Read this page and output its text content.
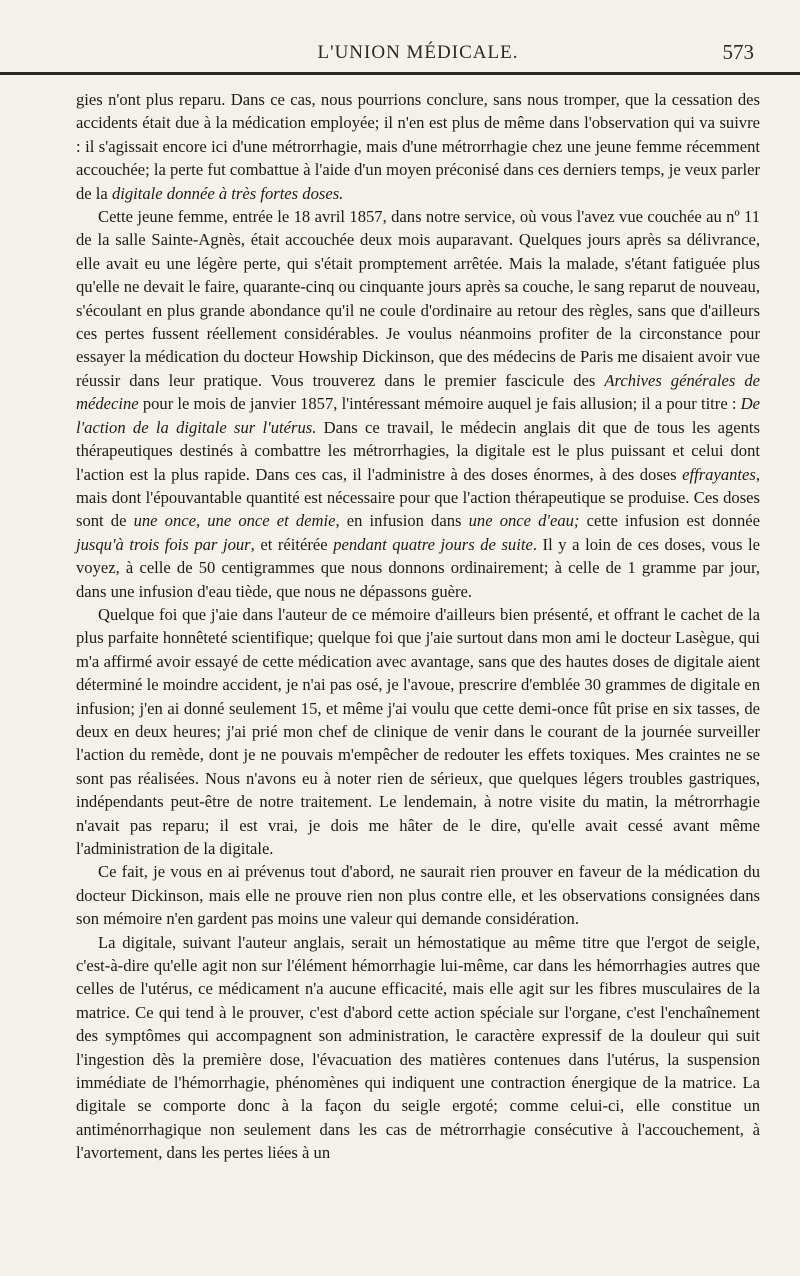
L'UNION MÉDICALE.	573

gies n'ont plus reparu. Dans ce cas, nous pourrions conclure, sans nous tromper, que la cessation des accidents était due à la médication employée; il n'en est plus de même dans l'observation qui va suivre : il s'agissait encore ici d'une métrorrhagie, mais d'une métrorrhagie chez une jeune femme récemment accouchée; la perte fut combattue à l'aide d'un moyen préconisé dans ces derniers temps, je veux parler de la digitale donnée à très fortes doses.

Cette jeune femme, entrée le 18 avril 1857, dans notre service, où vous l'avez vue couchée au nº 11 de la salle Sainte-Agnès, était accouchée deux mois auparavant. Quelques jours après sa délivrance, elle avait eu une légère perte, qui s'était promptement arrêtée. Mais la malade, s'étant fatiguée plus qu'elle ne devait le faire, quarante-cinq ou cinquante jours après sa couche, le sang reparut de nouveau, s'écoulant en plus grande abondance qu'il ne coule d'ordinaire au retour des règles, sans que d'ailleurs ces pertes fussent réellement considérables. Je voulus néanmoins profiter de la circonstance pour essayer la médication du docteur Howship Dickinson, que des médecins de Paris me disaient avoir vue réussir dans leur pratique. Vous trouverez dans le premier fascicule des Archives générales de médecine pour le mois de janvier 1857, l'intéressant mémoire auquel je fais allusion; il a pour titre : De l'action de la digitale sur l'utérus. Dans ce travail, le médecin anglais dit que de tous les agents thérapeutiques destinés à combattre les métrorrhagies, la digitale est le plus puissant et celui dont l'action est la plus rapide. Dans ces cas, il l'administre à des doses énormes, à des doses effrayantes, mais dont l'épouvantable quantité est nécessaire pour que l'action thérapeutique se produise. Ces doses sont de une once, une once et demie, en infusion dans une once d'eau; cette infusion est donnée jusqu'à trois fois par jour, et réitérée pendant quatre jours de suite. Il y a loin de ces doses, vous le voyez, à celle de 50 centigrammes que nous donnons ordinairement; à celle de 1 gramme par jour, dans une infusion d'eau tiède, que nous ne dépassons guère.

Quelque foi que j'aie dans l'auteur de ce mémoire d'ailleurs bien présenté, et offrant le cachet de la plus parfaite honnêteté scientifique; quelque foi que j'aie surtout dans mon ami le docteur Lasègue, qui m'a affirmé avoir essayé de cette médication avec avantage, sans que des hautes doses de digitale aient déterminé le moindre accident, je n'ai pas osé, je l'avoue, prescrire d'emblée 30 grammes de digitale en infusion; j'en ai donné seulement 15, et même j'ai voulu que cette demi-once fût prise en six tasses, de deux en deux heures; j'ai prié mon chef de clinique de venir dans le courant de la journée surveiller l'action du remède, dont je ne pouvais m'empêcher de redouter les effets toxiques. Mes craintes ne se sont pas réalisées. Nous n'avons eu à noter rien de sérieux, que quelques légers troubles gastriques, indépendants peut-être de notre traitement. Le lendemain, à notre visite du matin, la métrorrhagie n'avait pas reparu; il est vrai, je dois me hâter de le dire, qu'elle avait cessé avant même l'administration de la digitale.

Ce fait, je vous en ai prévenus tout d'abord, ne saurait rien prouver en faveur de la médication du docteur Dickinson, mais elle ne prouve rien non plus contre elle, et les observations consignées dans son mémoire n'en gardent pas moins une valeur qui demande considération.

La digitale, suivant l'auteur anglais, serait un hémostatique au même titre que l'ergot de seigle, c'est-à-dire qu'elle agit non sur l'élément hémorrhagie lui-même, car dans les hémorrhagies autres que celles de l'utérus, ce médicament n'a aucune efficacité, mais elle agit sur les fibres musculaires de la matrice. Ce qui tend à le prouver, c'est d'abord cette action spéciale sur l'organe, c'est l'enchaînement des symptômes qui accompagnent son administration, le caractère expressif de la douleur qui suit l'ingestion dès la première dose, l'évacuation des matières contenues dans l'utérus, la suspension immédiate de l'hémorrhagie, phénomènes qui indiquent une contraction énergique de la matrice. La digitale se comporte donc à la façon du seigle ergoté; comme celui-ci, elle constitue un antiménorrhagique non seulement dans les cas de métrorrhagie consécutive à l'accouchement, à l'avortement, dans les pertes liées à un
